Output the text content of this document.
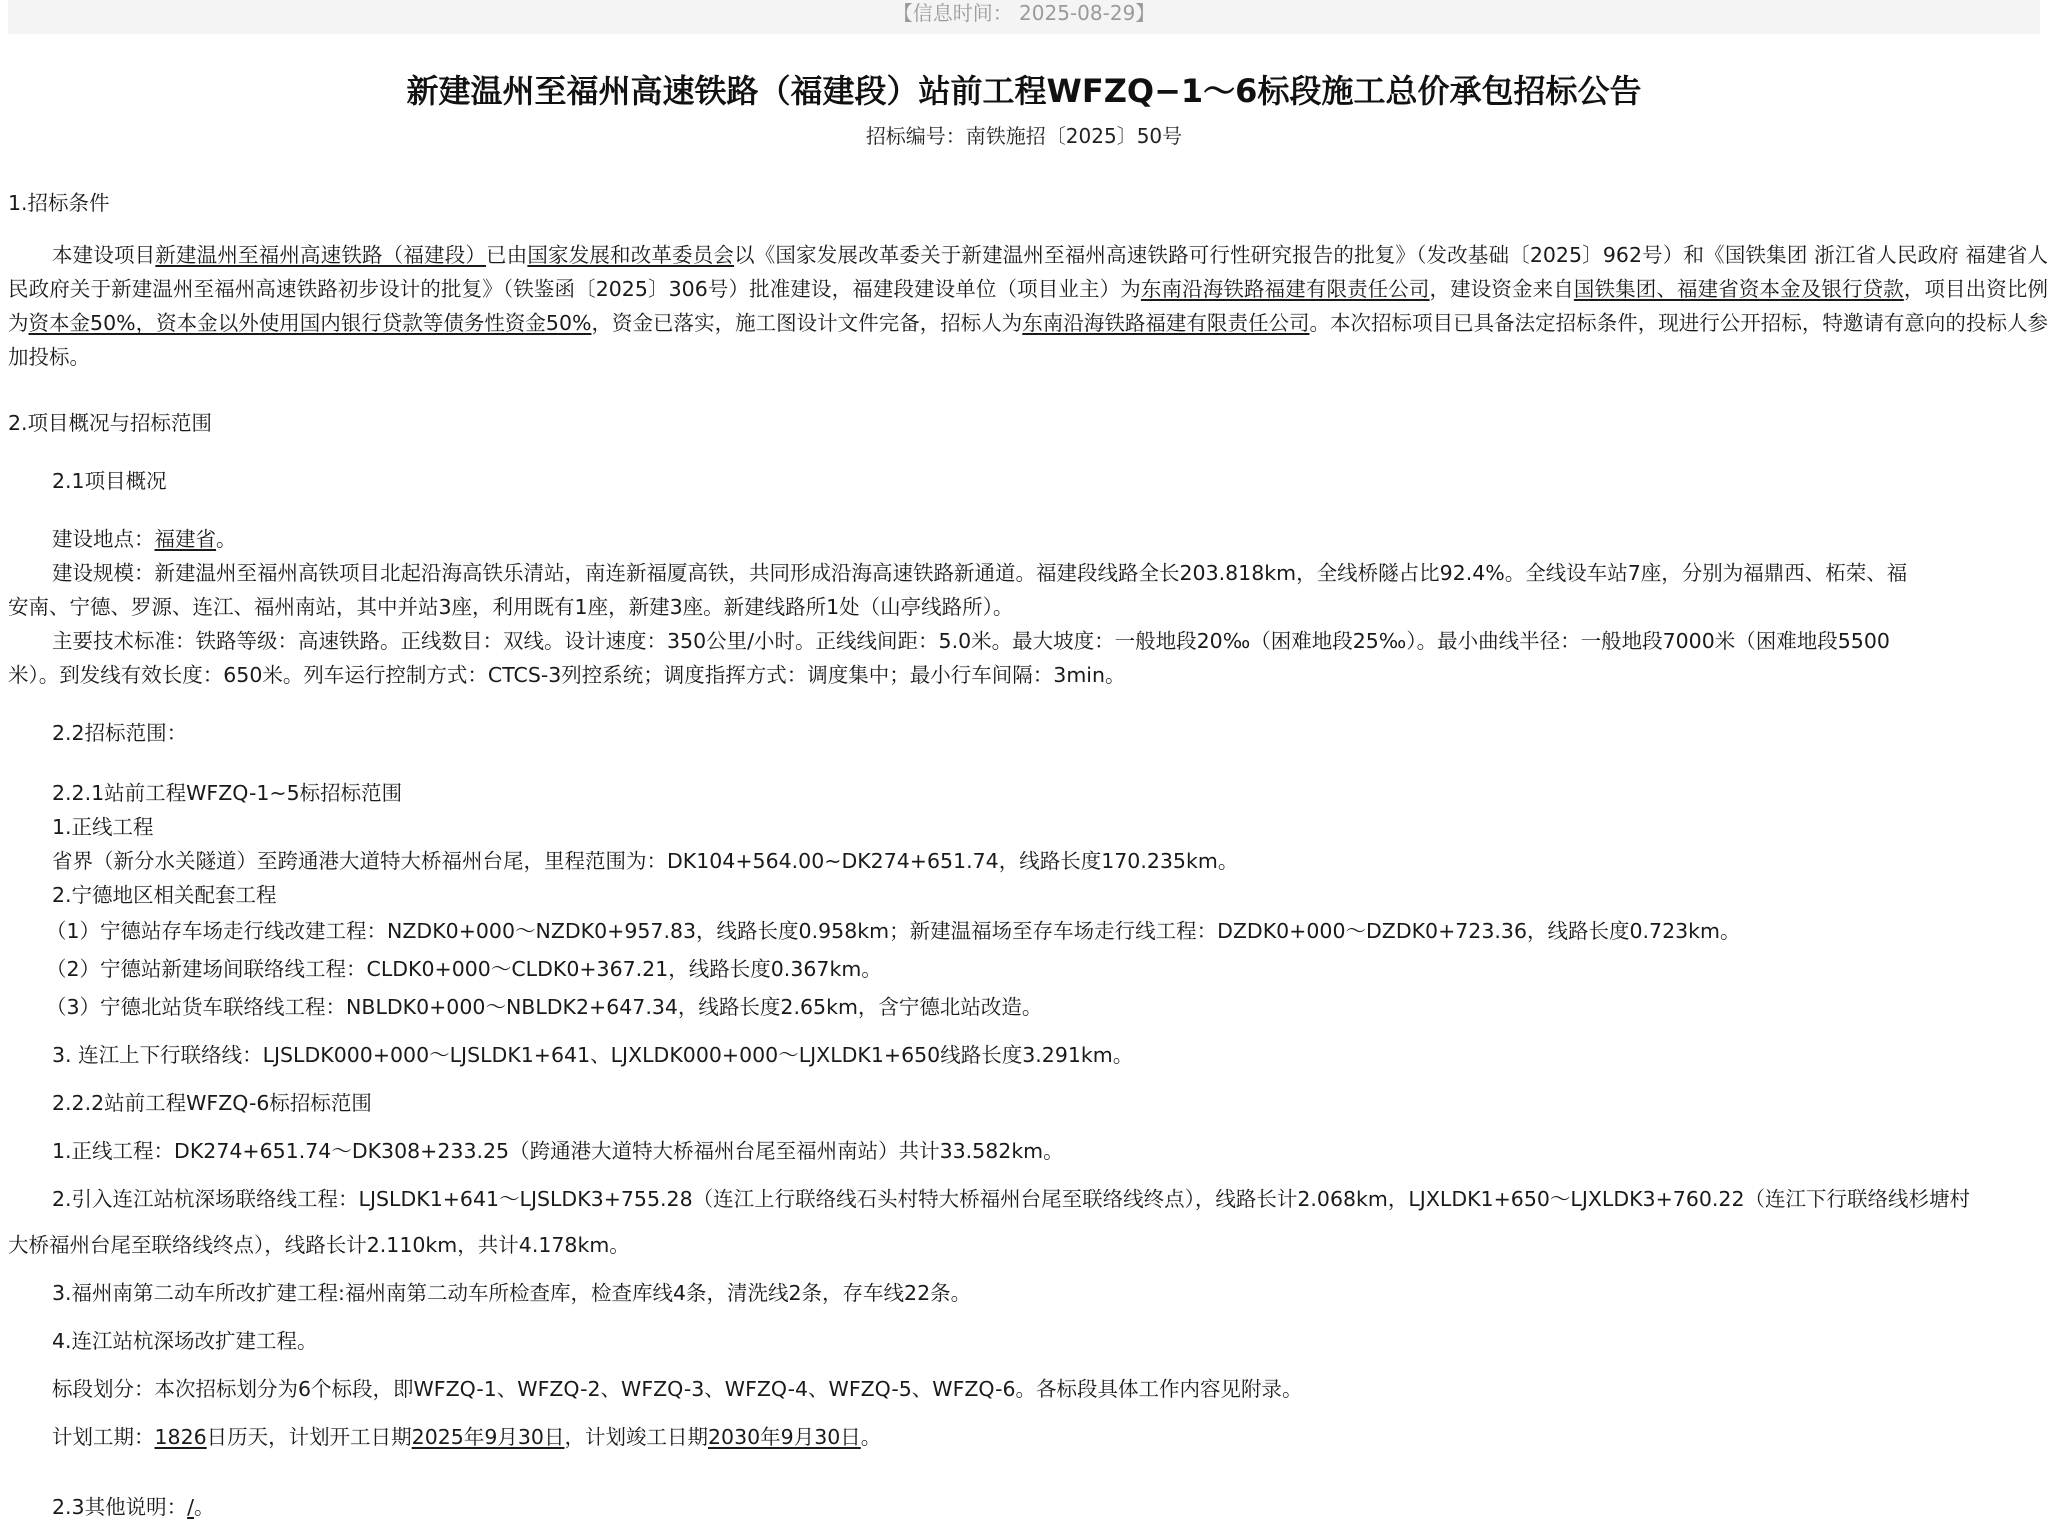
【信息时间： 2025-08-29】
新建温州至福州高速铁路（福建段）站前工程WFZQ−1～6标段施工总价承包招标公告
招标编号：南铁施招〔2025〕50号
1.招标条件
本建设项目新建温州至福州高速铁路（福建段）已由国家发展和改革委员会以《国家发展改革委关于新建温州至福州高速铁路可行性研究报告的批复》（发改基础〔2025〕962号）和《国铁集团 浙江省人民政府 福建省人民政府关于新建温州至福州高速铁路初步设计的批复》（铁鉴函〔2025〕306号）批准建设，福建段建设单位（项目业主）为东南沿海铁路福建有限责任公司，建设资金来自国铁集团、福建省资本金及银行贷款，项目出资比例为资本金50%，资本金以外使用国内银行贷款等债务性资金50%，资金已落实，施工图设计文件完备，招标人为东南沿海铁路福建有限责任公司。本次招标项目已具备法定招标条件，现进行公开招标，特邀请有意向的投标人参加投标。
2.项目概况与招标范围
2.1项目概况
建设地点：福建省。
建设规模：新建温州至福州高铁项目北起沿海高铁乐清站，南连新福厦高铁，共同形成沿海高速铁路新通道。福建段线路全长203.818km，全线桥隧占比92.4%。全线设车站7座，分别为福鼎西、柘荣、福
安南、宁德、罗源、连江、福州南站，其中并站3座，利用既有1座，新建3座。新建线路所1处（山亭线路所）。
主要技术标准：铁路等级：高速铁路。正线数目：双线。设计速度：350公里/小时。正线线间距：5.0米。最大坡度：一般地段20‰（困难地段25‰）。最小曲线半径：一般地段7000米（困难地段5500
米）。到发线有效长度：650米。列车运行控制方式：CTCS-3列控系统；调度指挥方式：调度集中；最小行车间隔：3min。
2.2招标范围：
2.2.1站前工程WFZQ-1~5标招标范围
1.正线工程
省界（新分水关隧道）至跨通港大道特大桥福州台尾，里程范围为：DK104+564.00~DK274+651.74，线路长度170.235km。
2.宁德地区相关配套工程
（1）宁德站存车场走行线改建工程：NZDK0+000～NZDK0+957.83，线路长度0.958km；新建温福场至存车场走行线工程：DZDK0+000～DZDK0+723.36，线路长度0.723km。
（2）宁德站新建场间联络线工程：CLDK0+000～CLDK0+367.21，线路长度0.367km。
（3）宁德北站货车联络线工程：NBLDK0+000～NBLDK2+647.34，线路长度2.65km，含宁德北站改造。
3. 连江上下行联络线：LJSLDK000+000～LJSLDK1+641、LJXLDK000+000～LJXLDK1+650线路长度3.291km。
2.2.2站前工程WFZQ-6标招标范围
1.正线工程：DK274+651.74～DK308+233.25（跨通港大道特大桥福州台尾至福州南站）共计33.582km。
2.引入连江站杭深场联络线工程：LJSLDK1+641～LJSLDK3+755.28（连江上行联络线石头村特大桥福州台尾至联络线终点），线路长计2.068km，LJXLDK1+650～LJXLDK3+760.22（连江下行联络线杉塘村
大桥福州台尾至联络线终点），线路长计2.110km，共计4.178km。
3.福州南第二动车所改扩建工程:福州南第二动车所检查库，检查库线4条，清洗线2条，存车线22条。
4.连江站杭深场改扩建工程。
标段划分：本次招标划分为6个标段，即WFZQ-1、WFZQ-2、WFZQ-3、WFZQ-4、WFZQ-5、WFZQ-6。各标段具体工作内容见附录。
计划工期：1826日历天，计划开工日期2025年9月30日，计划竣工日期2030年9月30日。
2.3其他说明：/。
